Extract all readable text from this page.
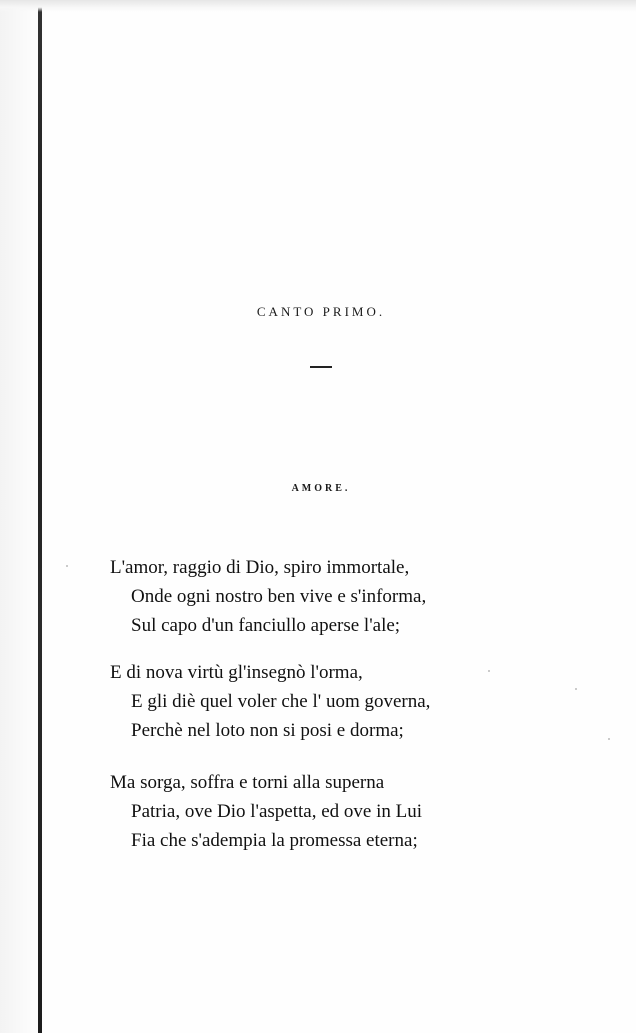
CANTO PRIMO.
AMORE.
L'amor, raggio di Dio, spiro immortale,
Onde ogni nostro ben vive e s'informa,
Sul capo d'un fanciullo aperse l'ale;
E di nova virtù gl'insegnò l'orma,
E gli diè quel voler che l' uom governa,
Perchè nel loto non si posi e dorma;
Ma sorga, soffra e torni alla superna
Patria, ove Dio l'aspetta, ed ove in Lui
Fia che s'adempia la promessa eterna;
